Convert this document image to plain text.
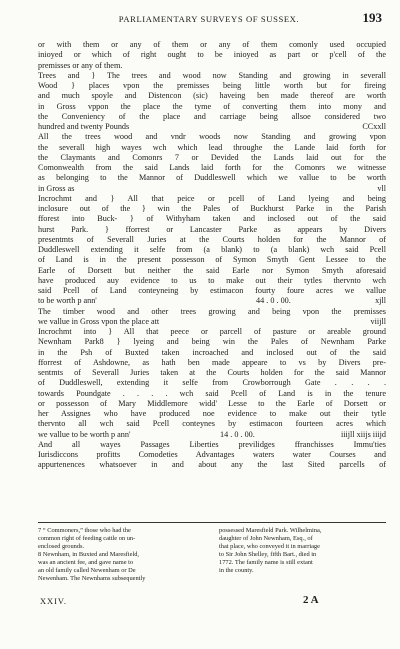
PARLIAMENTARY SURVEYS OF SUSSEX.	193
or with them or any of them or any of them comonly used occupied
inioyed or which of right ought to be inioyed as part or p'cell of the
premisses or any of them.
Trees and } The trees and wood now Standing and growing in severall
Wood } places vpon the premisses being little worth but for fireing
and much spoyle and Distencon (sic) haveing ben made thereof are worth
in Gross vppon the place the tyme of converting them into mony and
the Conveniency of the place and carriage being allsoe considered two
hundred and twenty Pounds	CCxxll
All the trees wood and vndr woods now Standing and growing vpon
the severall high wayes wch which lead throughe the Lande laid forth for
the Claymants and Comonrs 7 or Devided the Lands laid out for the
Comonwealth from the said Lands laid forth for the Comonrs we witnesse
as belonging to the Mannor of Duddleswell which we vallue to be worth
in Gross as	vll
Incrochmt and } All that peice or pcell of Land lyeing and being
inclosure out of the } win the Pales of Buckhurst Parke in the Parish
fforest into Buck- } of Withyham taken and inclosed out of the said
hurst Park. } fforrest or Lancaster Parke as appears by Divers
presentmts of Severall Juries at the Courts holden for the Mannor of
Duddleswell extending it selfe from (a blank) to (a blank) wch said Pcell
of Land is in the present possesson of Symon Smyth Gent Lessee to the
Earle of Dorsett but neither the said Earle nor Symon Smyth aforesaid
have produced auy evidence to us to make out their tytles thervnto wch
said Pcell of Land conteyneing by estimacon fourty foure acres we vallue
to be worth p ann'	44 . 0 . 00.	xjll
The timber wood and other trees growing and being vpon the premisses
we vallue in Gross vpon the place att	viijll
Incrochmt into } All that peece or parcell of pasture or areable ground
Newnham Park8 } lyeing and being win the Pales of Newnham Parke
in the Psh of Buxted taken incroached and inclosed out of the said
fforrest of Ashdowne, as hath ben made appeare to vs by Divers pre-
sentmts of Severall Juries taken at the Courts holden for the said Mannor
of Duddleswell, extending it selfe from Crowborrough Gate . . . .
towards Poundgate . . . . wch said Pcell of Land is in the tenure
or possesson of Mary Middlemore widd' Lesse to the Earle of Dorsett or
her Assignes who have produced noe evidence to make out their tytle
thervnto all wch said Pcell conteynes by estimacon fourteen acres which
we vallue to be worth p ann'	14 . 0 . 00.	iiijll xiijs iiijd
And all wayes Passages Liberties previlidges ffranchisses Immu'ties
Iurisdiccons profitts Comodeties Advantages waters water Courses and
appurtenences whatsoever in and about any the last Sited parcells of
7 “ Commoners,” those who had the
common right of feeding cattle on un-
enclosed grounds.
8 Newnham, in Buxted and Maresfield,
was an ancient fee, and gave name to
an old family called Newenham or De
Newenham. The Newnhams subsequently
possessed Maresfield Park. Wilhelmina,
daughter of John Newnham, Esq., of
that place, who conveyed it in marriage
to Sir John Shelley, fifth Bart., died in
1772. The family name is still extant
in the county.
XXIV.	2 A
